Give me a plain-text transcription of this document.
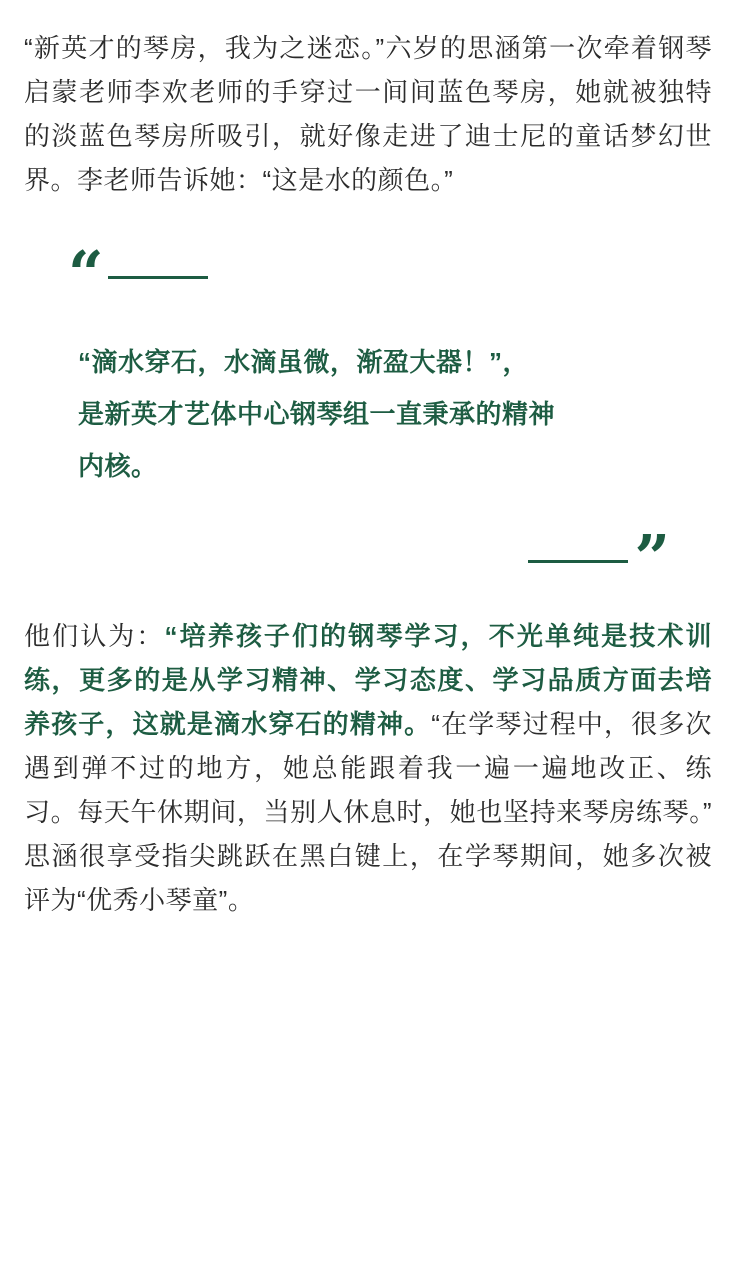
“新英才的琴房，我为之迷恋。”六岁的思涵第一次牵着钢琴启蒙老师李欢老师的手穿过一间间蓝色琴房，她就被独特的淡蓝色琴房所吸引，就好像走进了迪士尼的童话梦幻世界。李老师告诉她：“这是水的颜色。”

“
“滴水穿石，水滴虽微，渐盈大器！”，
是新英才艺体中心钢琴组一直秉承的精神
内核。
”

他们认为：“培养孩子们的钢琴学习，不光单纯是技术训练，更多的是从学习精神、学习态度、学习品质方面去培养孩子，这就是滴水穿石的精神。“在学琴过程中，很多次遇到弹不过的地方，她总能跟着我一遍一遍地改正、练习。每天午休期间，当别人休息时，她也坚持来琴房练琴。”思涵很享受指尖跳跃在黑白键上，在学琴期间，她多次被评为“优秀小琴童”。
